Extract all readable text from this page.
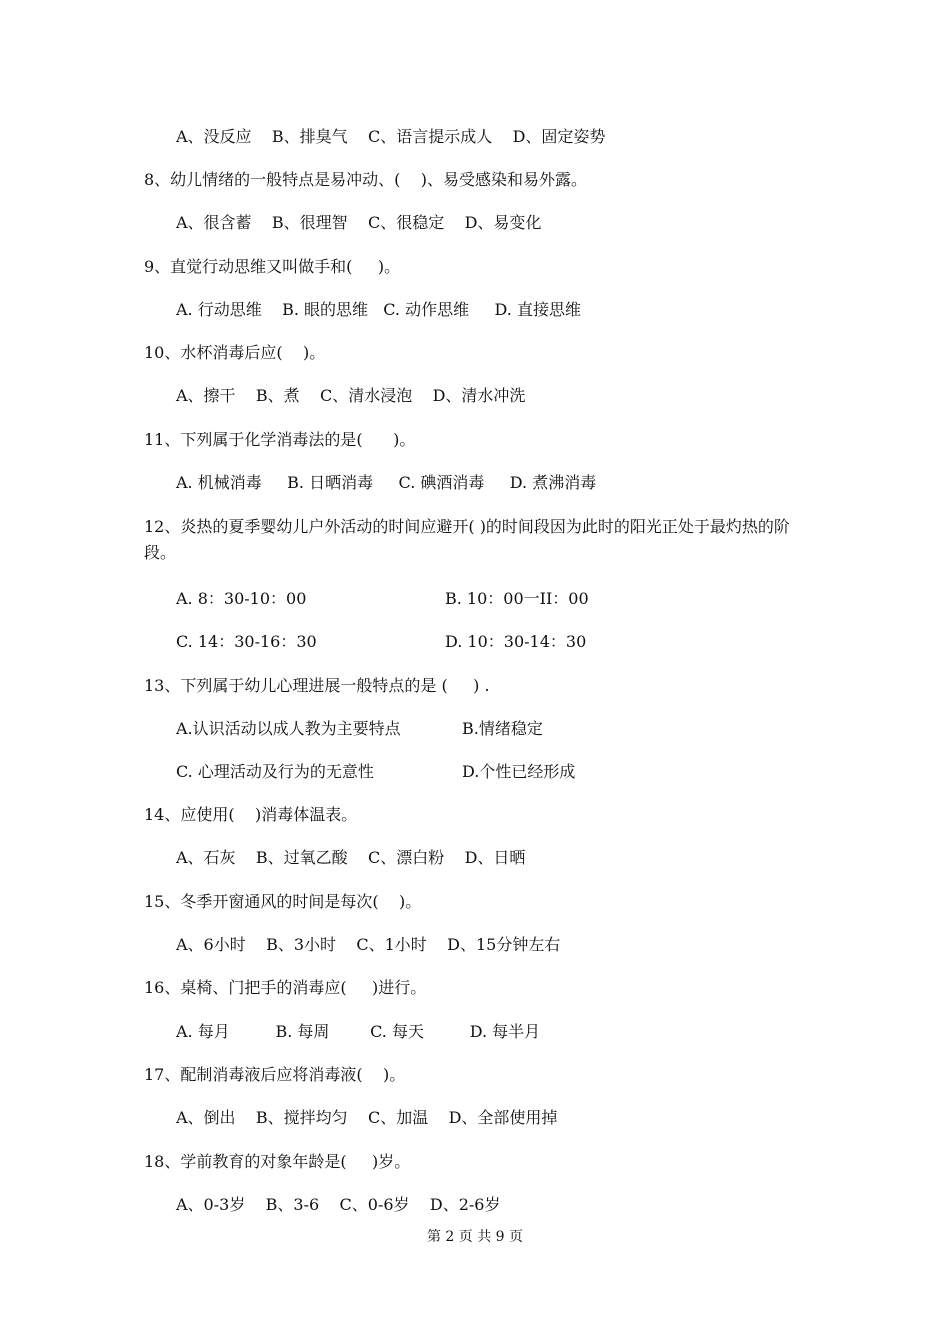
A、没反应    B、排臭气    C、语言提示成人    D、固定姿势
8、幼儿情绪的一般特点是易冲动、(    )、易受感染和易外露。
A、很含蓄    B、很理智    C、很稳定    D、易变化
9、直觉行动思维又叫做手和(     )。
A. 行动思维    B. 眼的思维   C. 动作思维     D. 直接思维
10、水杯消毒后应(    )。
A、擦干    B、煮    C、清水浸泡    D、清水冲洗
11、下列属于化学消毒法的是(      )。
A. 机械消毒     B. 日晒消毒     C. 碘酒消毒     D. 煮沸消毒
12、炎热的夏季婴幼儿户外活动的时间应避开( )的时间段因为此时的阳光正处于最灼热的阶段。
A. 8：30-10：00	B. 10：00一II：00
C. 14：30-16：30	D. 10：30-14：30
13、下列属于幼儿心理进展一般特点的是 (     ) .
A.认识活动以成人教为主要特点	B.情绪稳定
C. 心理活动及行为的无意性	D.个性已经形成
14、应使用(    )消毒体温表。
A、石灰    B、过氧乙酸    C、漂白粉    D、日晒
15、冬季开窗通风的时间是每次(    )。
A、6小时    B、3小时    C、1小时    D、15分钟左右
16、桌椅、门把手的消毒应(     )进行。
A. 每月         B. 每周        C. 每天         D. 每半月
17、配制消毒液后应将消毒液(    )。
A、倒出    B、搅拌均匀    C、加温    D、全部使用掉
18、学前教育的对象年龄是(     )岁。
A、0-3岁    B、3-6    C、0-6岁    D、2-6岁
第 2 页 共 9 页
